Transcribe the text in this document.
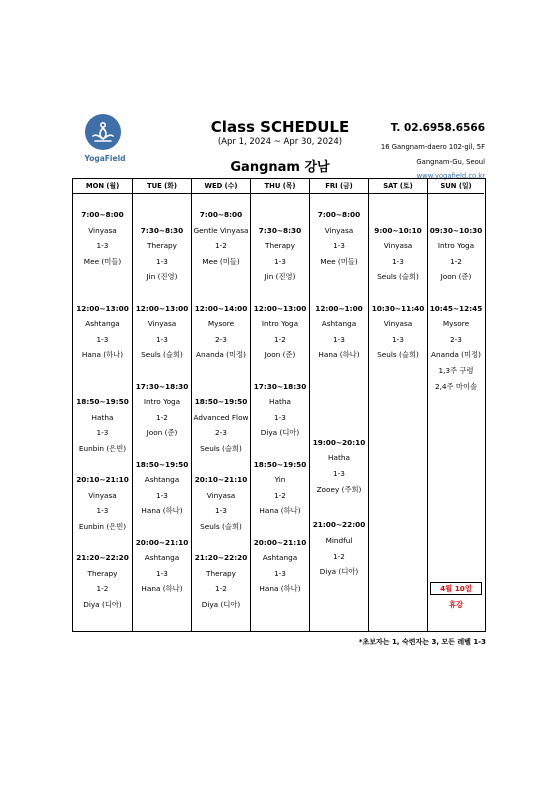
YogaField
Class SCHEDULE
(Apr 1, 2024 ~ Apr 30, 2024)
Gangnam 강남
T. 02.6958.6566
16 Gangnam-daero 102-gil, 5F
Gangnam-Gu, Seoul
www.yogafield.co.kr
MON (월)
7:00~8:00
Vinyasa
1-3
Mee (미들)
12:00~13:00
Ashtanga
1-3
Hana (하나)
18:50~19:50
Hatha
1-3
Eunbin (은빈)
20:10~21:10
Vinyasa
1-3
Eunbin (은빈)
21:20~22:20
Therapy
1-2
Diya (디아)
TUE (화)
7:30~8:30
Therapy
1-3
Jin (진영)
12:00~13:00
Vinyasa
1-3
Seuls (슬희)
17:30~18:30
Intro Yoga
1-2
Joon (준)
18:50~19:50
Ashtanga
1-3
Hana (하나)
20:00~21:10
Ashtanga
1-3
Hana (하나)
WED (수)
7:00~8:00
Gentle Vinyasa
1-2
Mee (미들)
12:00~14:00
Mysore
2-3
Ananda (미정)
18:50~19:50
Advanced Flow
2-3
Seuls (슬희)
20:10~21:10
Vinyasa
1-3
Seuls (슬희)
21:20~22:20
Therapy
1-2
Diya (디아)
THU (목)
7:30~8:30
Therapy
1-3
Jin (진영)
12:00~13:00
Intro Yoga
1-2
Joon (준)
17:30~18:30
Hatha
1-3
Diya (디아)
18:50~19:50
Yin
1-2
Hana (하나)
20:00~21:10
Ashtanga
1-3
Hana (하나)
FRI (금)
7:00~8:00
Vinyasa
1-3
Mee (미들)
12:00~1:00
Ashtanga
1-3
Hana (하나)
19:00~20:10
Hatha
1-3
Zooey (주희)
21:00~22:00
Mindful
1-2
Diya (디아)
SAT (토)
9:00~10:10
Vinyasa
1-3
Seuls (슬희)
10:30~11:40
Vinyasa
1-3
Seuls (슬희)
SUN (일)
09:30~10:30
Intro Yoga
1-2
Joon (준)
10:45~12:45
Mysore
2-3
Ananda (미정)
1,3주 구령
2,4주 마이솔
4월 10일
휴강
*초보자는 1, 숙련자는 3, 모든 레벨 1-3
